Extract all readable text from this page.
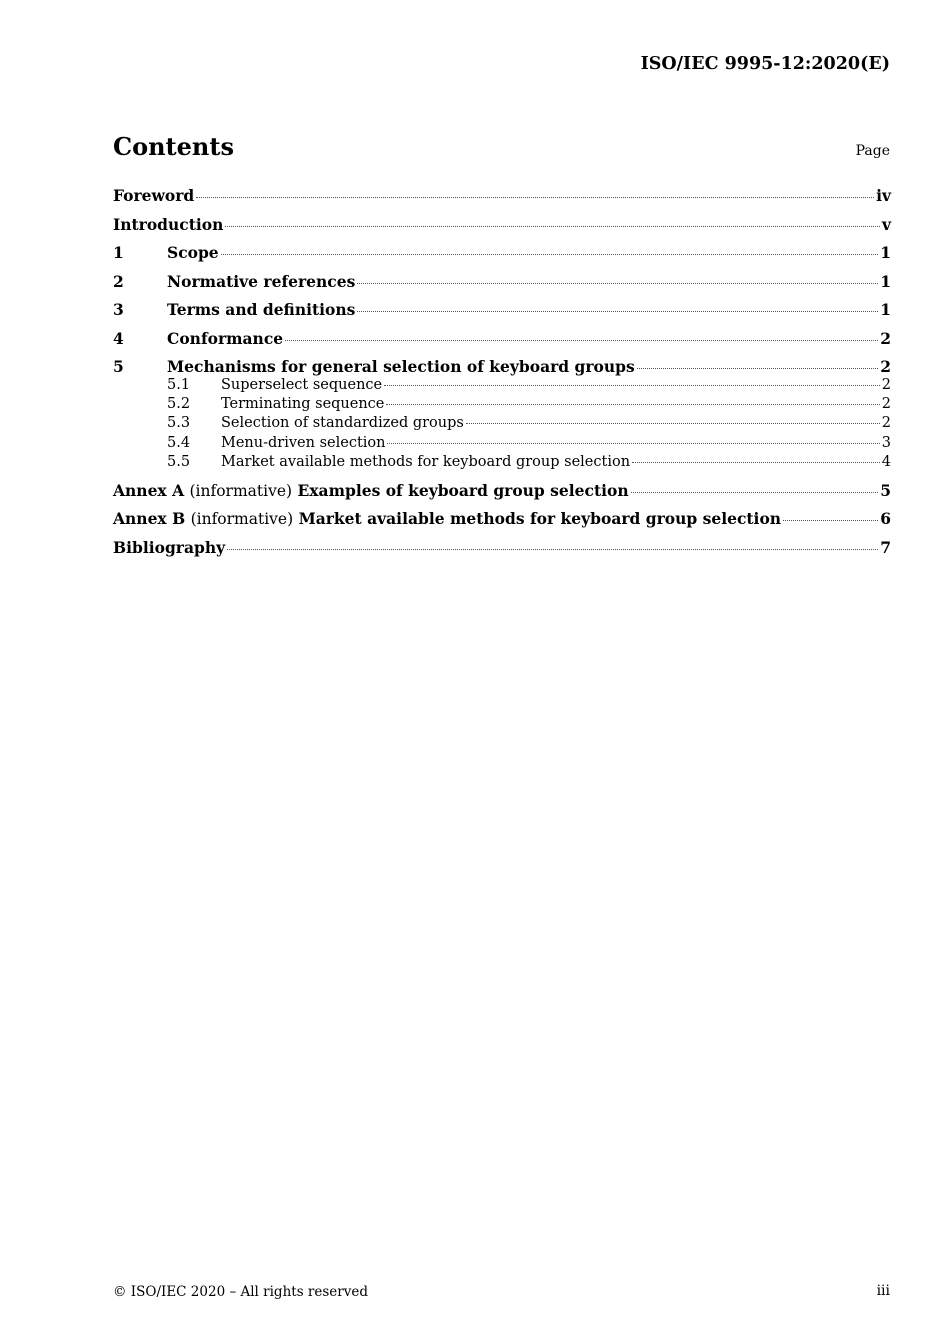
ISO/IEC 9995-12:2020(E)
Contents	Page
Foreword	iv
Introduction	v
1	Scope	1
2	Normative references	1
3	Terms and definitions	1
4	Conformance	2
5	Mechanisms for general selection of keyboard groups	2
5.1	Superselect sequence	2
5.2	Terminating sequence	2
5.3	Selection of standardized groups	2
5.4	Menu-driven selection	3
5.5	Market available methods for keyboard group selection	4
Annex A (informative) Examples of keyboard group selection	5
Annex B (informative) Market available methods for keyboard group selection	6
Bibliography	7
© ISO/IEC 2020 – All rights reserved	iii
